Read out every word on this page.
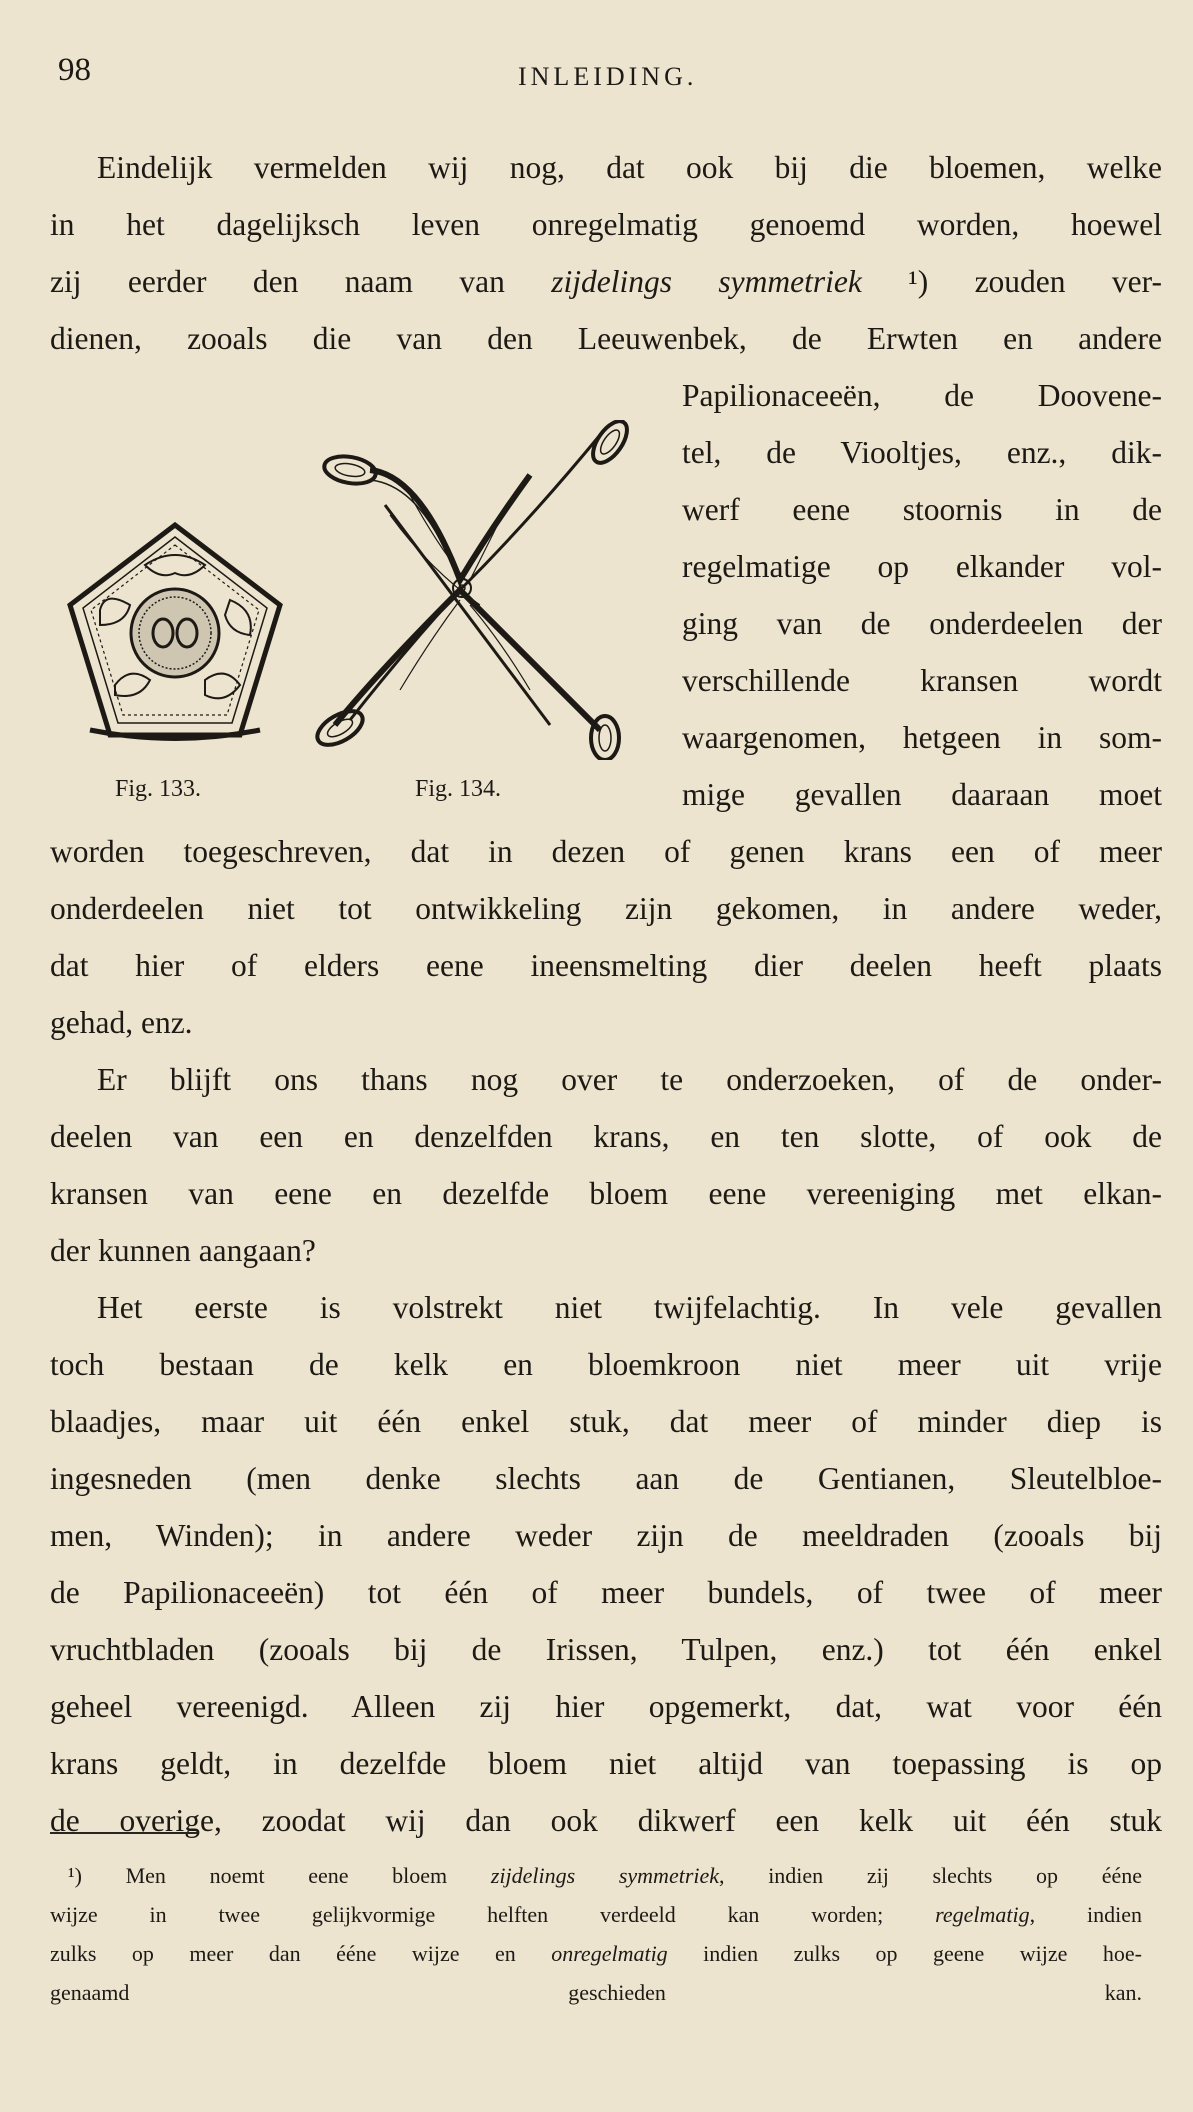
98	INLEIDING.

Eindelijk vermelden wij nog, dat ook bij die bloemen, welke

in het dagelijksch leven onregelmatig genoemd worden, hoewel

zij eerder den naam van zijdelings symmetriek ¹) zouden ver-

dienen, zooals die van den Leeuwenbek, de Erwten en andere

Papilionaceeën, de Doovene-

tel, de Viooltjes, enz., dik-

werf eene stoornis in de

regelmatige op elkander vol-

ging van de onderdeelen der

verschillende kransen wordt

waargenomen, hetgeen in som-

mige gevallen daaraan moet

worden toegeschreven, dat in dezen of genen krans een of meer

onderdeelen niet tot ontwikkeling zijn gekomen, in andere weder,

dat hier of elders eene ineensmelting dier deelen heeft plaats

gehad, enz.

Er blijft ons thans nog over te onderzoeken, of de onder-

deelen van een en denzelfden krans, en ten slotte, of ook de

kransen van eene en dezelfde bloem eene vereeniging met elkan-

der kunnen aangaan?

Het eerste is volstrekt niet twijfelachtig. In vele gevallen

toch bestaan de kelk en bloemkroon niet meer uit vrije

blaadjes, maar uit één enkel stuk, dat meer of minder diep is

ingesneden (men denke slechts aan de Gentianen, Sleutelbloe-

men, Winden); in andere weder zijn de meeldraden (zooals bij

de Papilionaceeën) tot één of meer bundels, of twee of meer

vruchtbladen (zooals bij de Irissen, Tulpen, enz.) tot één enkel

geheel vereenigd. Alleen zij hier opgemerkt, dat, wat voor één

krans geldt, in dezelfde bloem niet altijd van toepassing is op

de overige, zoodat wij dan ook dikwerf een kelk uit één stuk

Fig. 133.	Fig. 134.

¹) Men noemt eene bloem zijdelings symmetriek, indien zij slechts op ééne

wijze in twee gelijkvormige helften verdeeld kan worden; regelmatig, indien

zulks op meer dan ééne wijze en onregelmatig indien zulks op geene wijze hoe-

genaamd geschieden kan.
